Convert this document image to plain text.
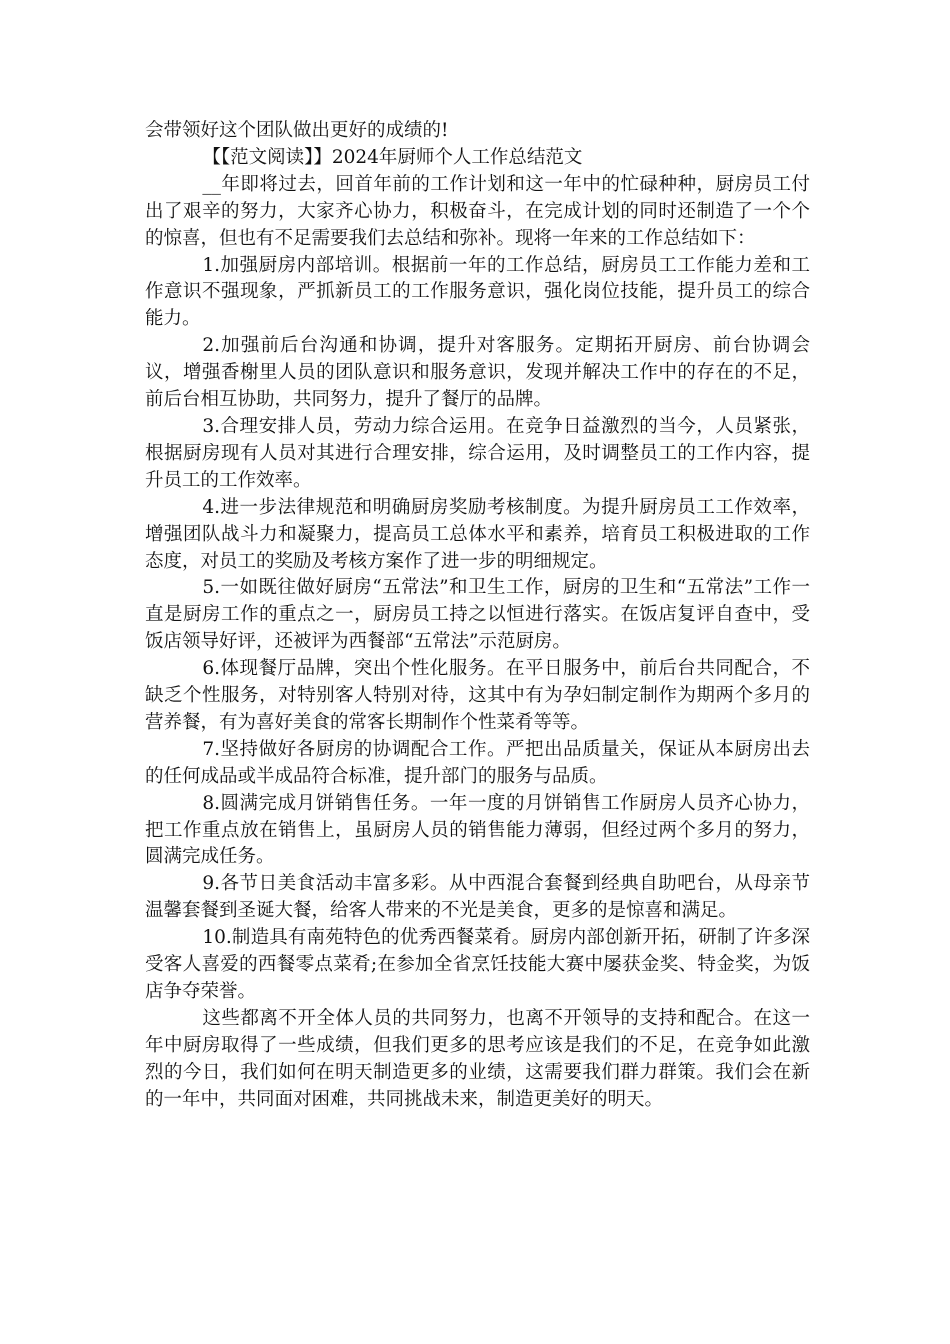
会带领好这个团队做出更好的成绩的!

【【范文阅读】】2024年厨师个人工作总结范文

__年即将过去，回首年前的工作计划和这一年中的忙碌种种，厨房员工付出了艰辛的努力，大家齐心协力，积极奋斗，在完成计划的同时还制造了一个个的惊喜，但也有不足需要我们去总结和弥补。现将一年来的工作总结如下：

1.加强厨房内部培训。根据前一年的工作总结，厨房员工工作能力差和工作意识不强现象，严抓新员工的工作服务意识，强化岗位技能，提升员工的综合能力。

2.加强前后台沟通和协调，提升对客服务。定期拓开厨房、前台协调会议，增强香榭里人员的团队意识和服务意识，发现并解决工作中的存在的不足，前后台相互协助，共同努力，提升了餐厅的品牌。

3.合理安排人员，劳动力综合运用。在竞争日益激烈的当今，人员紧张，根据厨房现有人员对其进行合理安排，综合运用，及时调整员工的工作内容，提升员工的工作效率。

4.进一步法律规范和明确厨房奖励考核制度。为提升厨房员工工作效率，增强团队战斗力和凝聚力，提高员工总体水平和素养，培育员工积极进取的工作态度，对员工的奖励及考核方案作了进一步的明细规定。

5.一如既往做好厨房“五常法”和卫生工作，厨房的卫生和“五常法”工作一直是厨房工作的重点之一，厨房员工持之以恒进行落实。在饭店复评自查中，受饭店领导好评，还被评为西餐部“五常法”示范厨房。

6.体现餐厅品牌，突出个性化服务。在平日服务中，前后台共同配合，不缺乏个性服务，对特别客人特别对待，这其中有为孕妇制定制作为期两个多月的营养餐，有为喜好美食的常客长期制作个性菜肴等等。

7.坚持做好各厨房的协调配合工作。严把出品质量关，保证从本厨房出去的任何成品或半成品符合标准，提升部门的服务与品质。

8.圆满完成月饼销售任务。一年一度的月饼销售工作厨房人员齐心协力，把工作重点放在销售上，虽厨房人员的销售能力薄弱，但经过两个多月的努力，圆满完成任务。

9.各节日美食活动丰富多彩。从中西混合套餐到经典自助吧台，从母亲节温馨套餐到圣诞大餐，给客人带来的不光是美食，更多的是惊喜和满足。

10.制造具有南苑特色的优秀西餐菜肴。厨房内部创新开拓，研制了许多深受客人喜爱的西餐零点菜肴;在参加全省烹饪技能大赛中屡获金奖、特金奖，为饭店争夺荣誉。

这些都离不开全体人员的共同努力，也离不开领导的支持和配合。在这一年中厨房取得了一些成绩，但我们更多的思考应该是我们的不足，在竞争如此激烈的今日，我们如何在明天制造更多的业绩，这需要我们群力群策。我们会在新的一年中，共同面对困难，共同挑战未来，制造更美好的明天。
